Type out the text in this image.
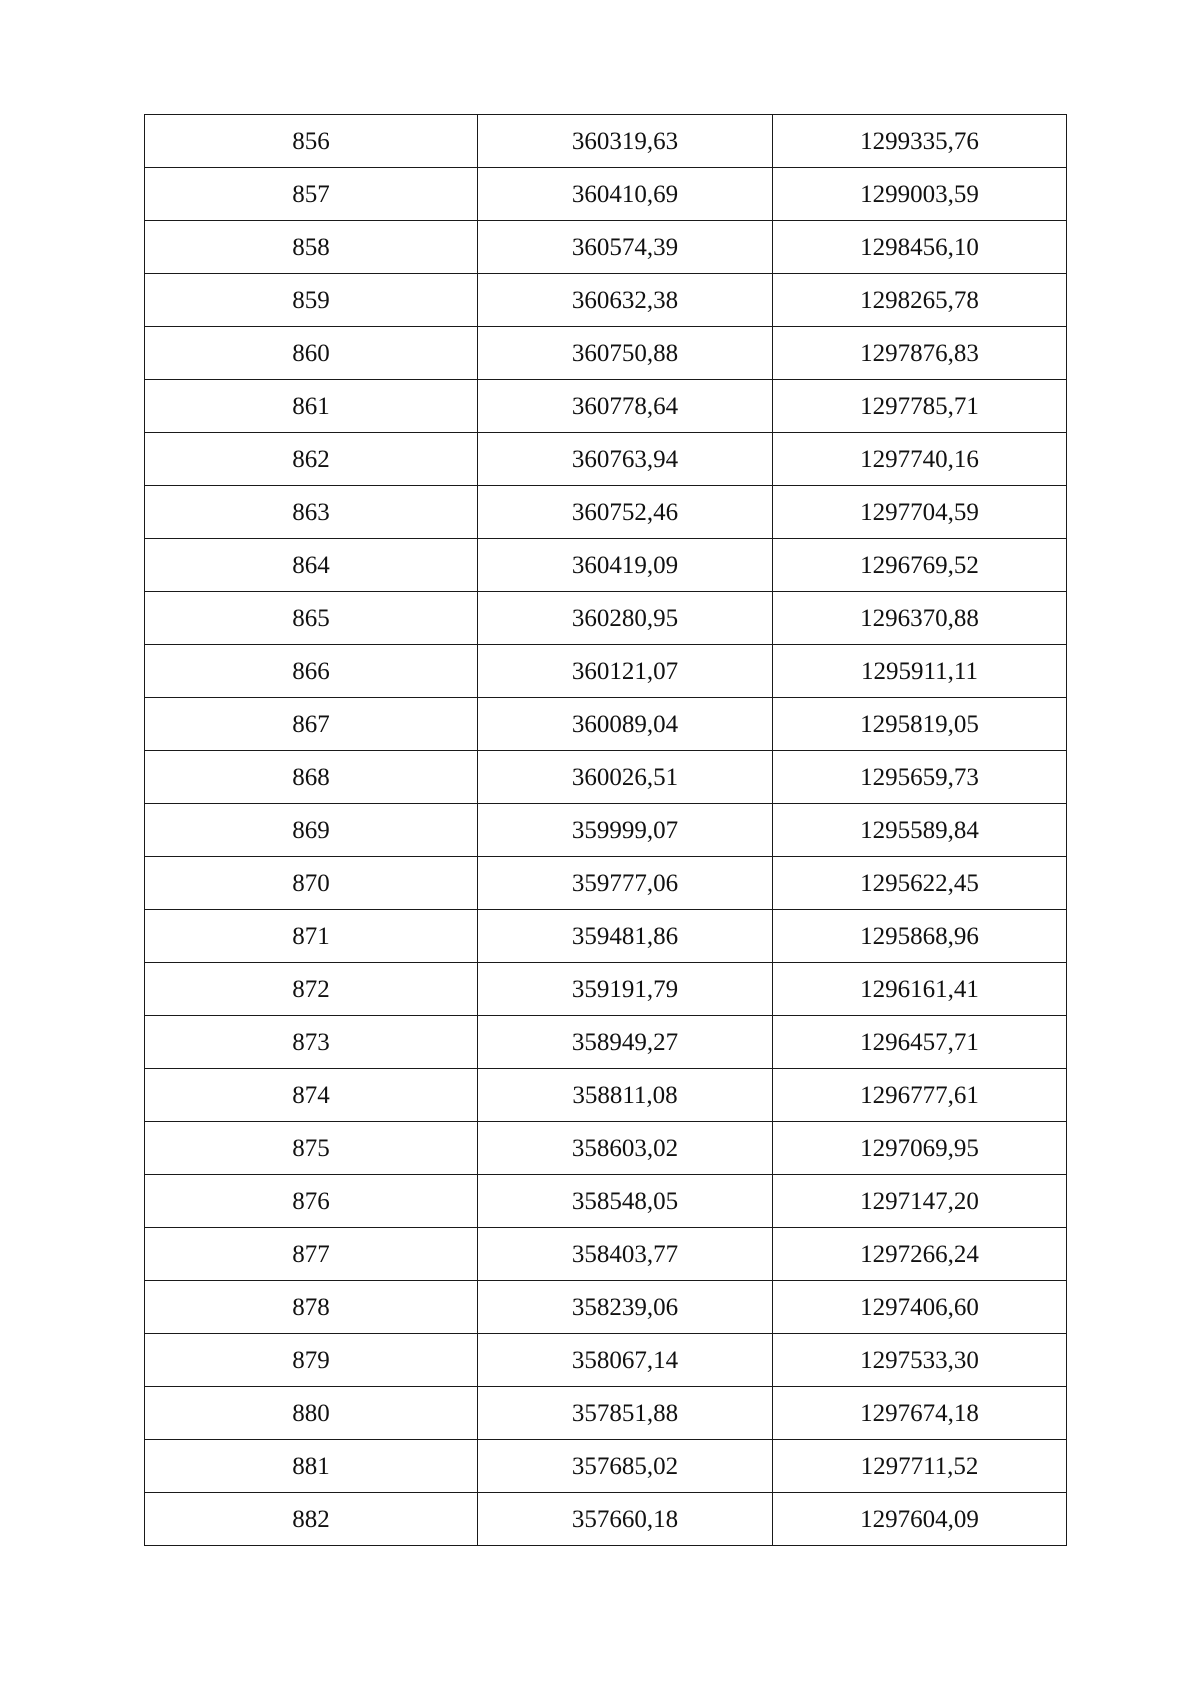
856	360319,63	1299335,76
857	360410,69	1299003,59
858	360574,39	1298456,10
859	360632,38	1298265,78
860	360750,88	1297876,83
861	360778,64	1297785,71
862	360763,94	1297740,16
863	360752,46	1297704,59
864	360419,09	1296769,52
865	360280,95	1296370,88
866	360121,07	1295911,11
867	360089,04	1295819,05
868	360026,51	1295659,73
869	359999,07	1295589,84
870	359777,06	1295622,45
871	359481,86	1295868,96
872	359191,79	1296161,41
873	358949,27	1296457,71
874	358811,08	1296777,61
875	358603,02	1297069,95
876	358548,05	1297147,20
877	358403,77	1297266,24
878	358239,06	1297406,60
879	358067,14	1297533,30
880	357851,88	1297674,18
881	357685,02	1297711,52
882	357660,18	1297604,09
